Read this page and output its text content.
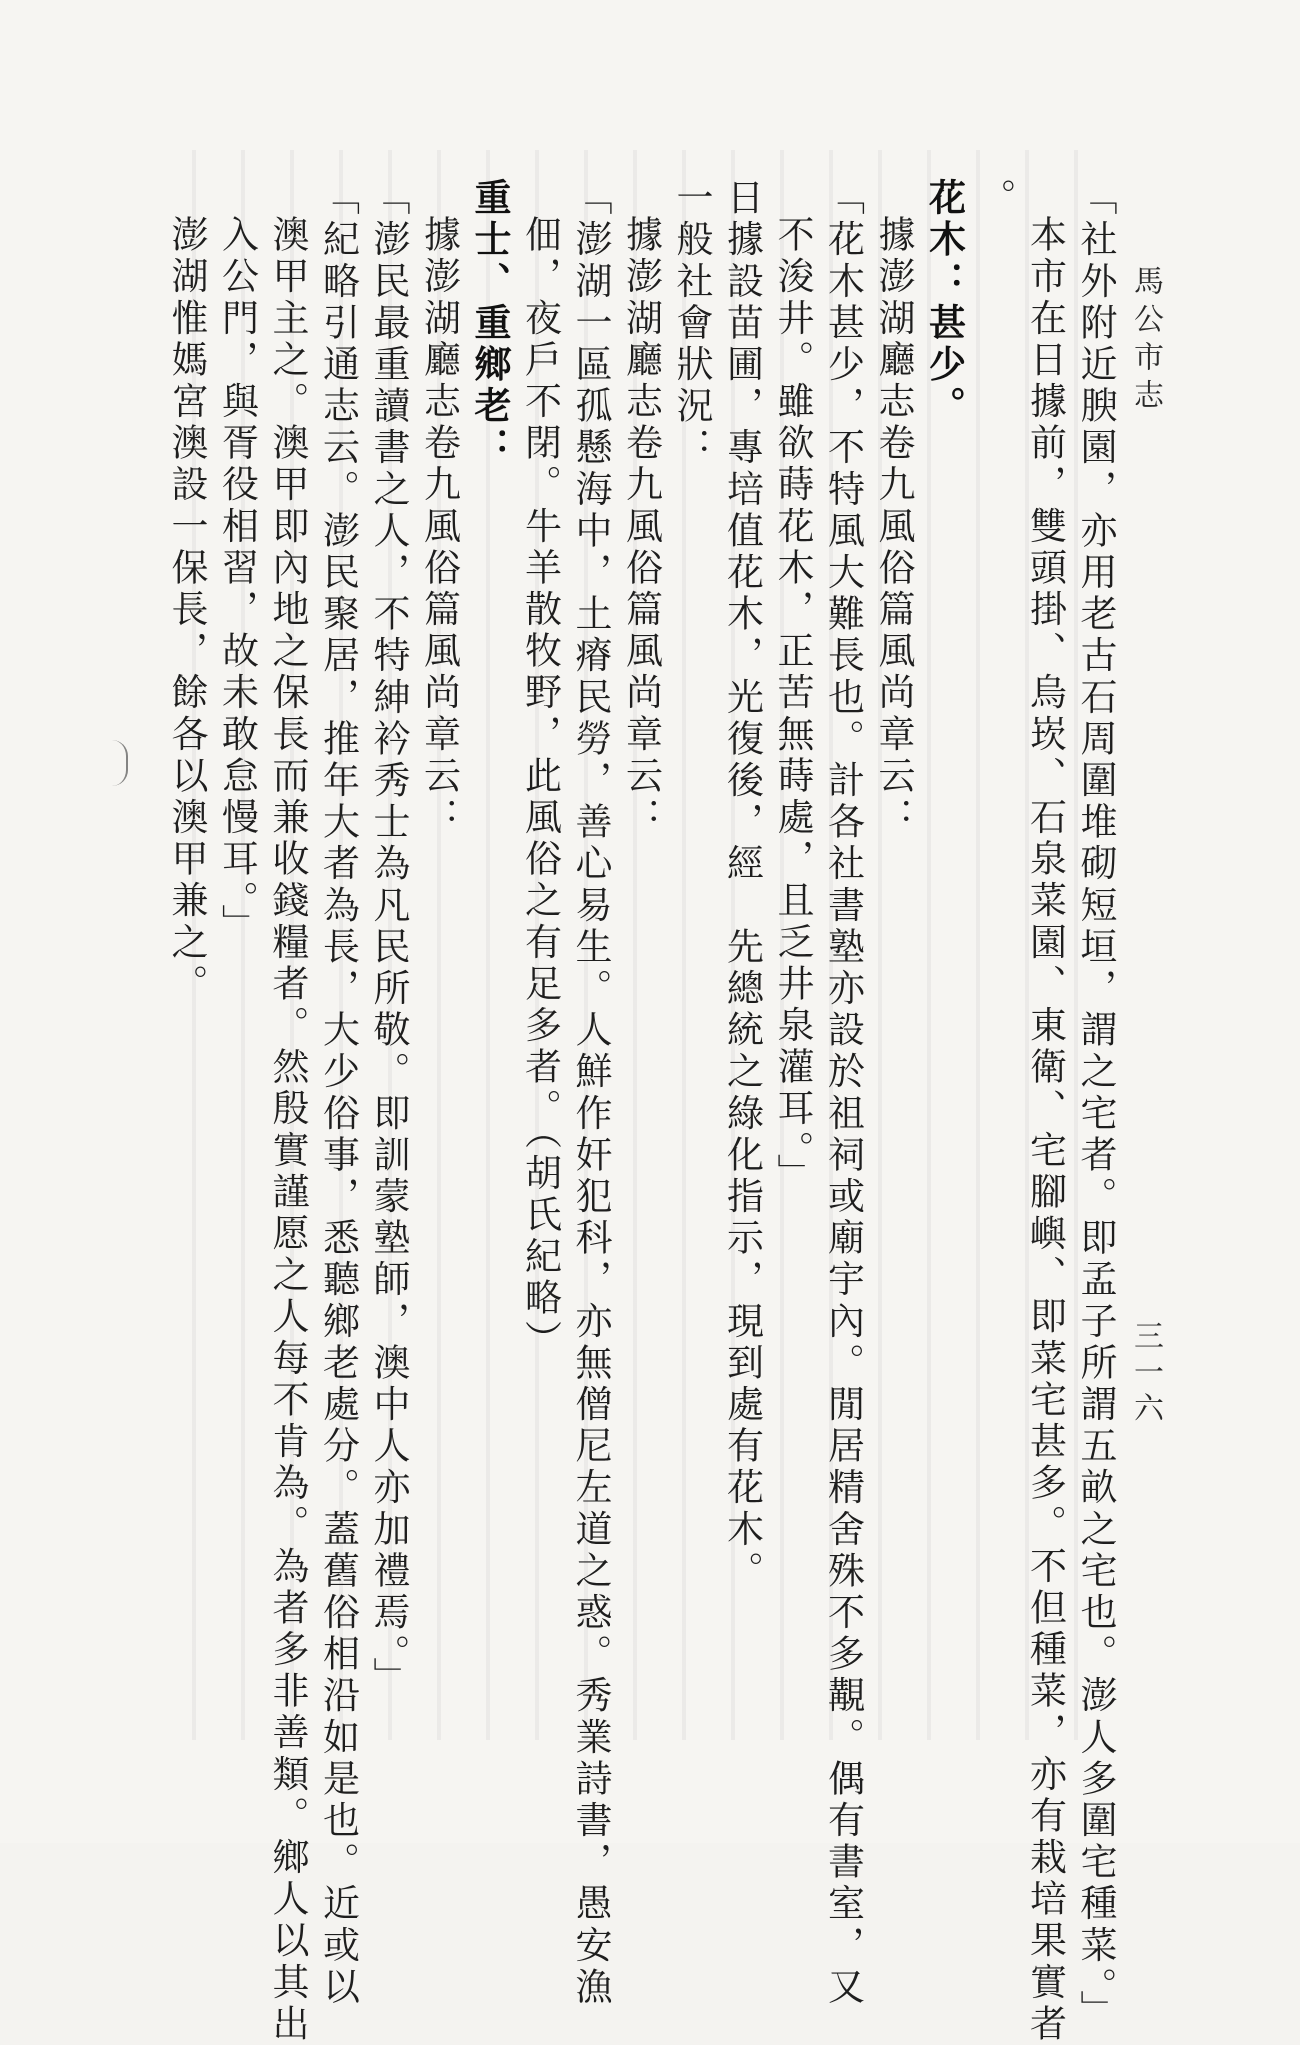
馬公市志
三一六
「社外附近腴園，亦用老古石周圍堆砌短垣，謂之宅者。即孟子所謂五畝之宅也。澎人多圍宅種菜。」
本市在日據前，雙頭掛、烏崁、石泉菜園、東衛、宅腳嶼、即菜宅甚多。不但種菜，亦有栽培果實者
。
花木：甚少。
據澎湖廳志卷九風俗篇風尚章云：
「花木甚少，不特風大難長也。計各社書塾亦設於祖祠或廟宇內。閒居精舍殊不多覯。偶有書室，又
不浚井。雖欲蒔花木，正苦無蒔處，且乏井泉灌耳。」
日據設苗圃，專培值花木，光復後，經　先總統之綠化指示，現到處有花木。
一般社會狀況：
據澎湖廳志卷九風俗篇風尚章云：
「澎湖一區孤懸海中，土瘠民勞，善心易生。人鮮作奸犯科，亦無僧尼左道之惑。秀業詩書，愚安漁
佃，夜戶不閉。牛羊散牧野，此風俗之有足多者。（胡氏紀略）
重士、重鄉老：
據澎湖廳志卷九風俗篇風尚章云：
「澎民最重讀書之人，不特紳衿秀士為凡民所敬。即訓蒙塾師，澳中人亦加禮焉。」
「紀略引通志云。澎民聚居，推年大者為長，大少俗事，悉聽鄉老處分。蓋舊俗相沿如是也。近或以
澳甲主之。澳甲即內地之保長而兼收錢糧者。然殷實謹愿之人每不肯為。為者多非善類。鄉人以其出
入公門，與胥役相習，故未敢怠慢耳。」
澎湖惟媽宮澳設一保長，餘各以澳甲兼之。
